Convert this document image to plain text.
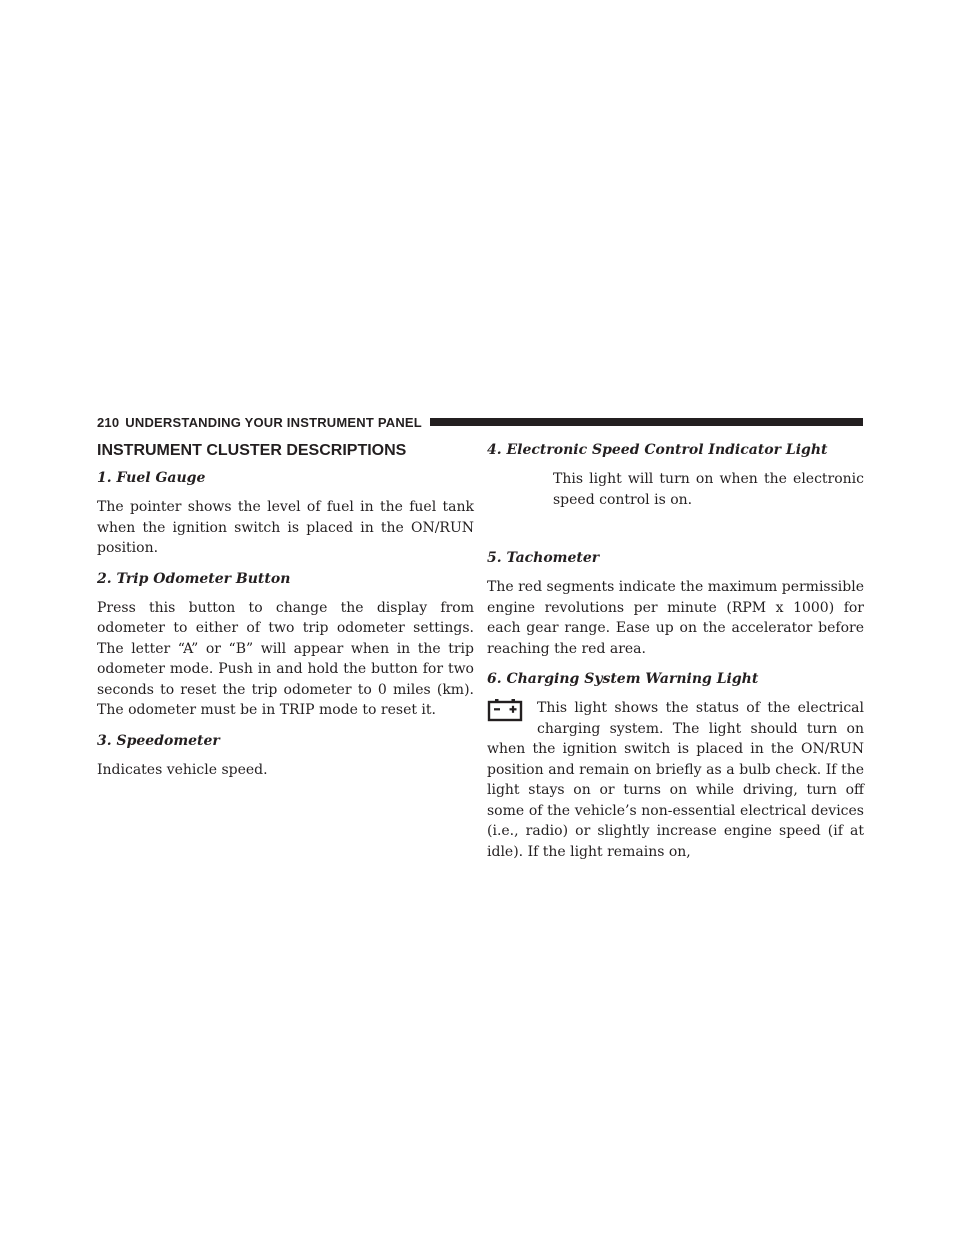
210 UNDERSTANDING YOUR INSTRUMENT PANEL
INSTRUMENT CLUSTER DESCRIPTIONS
1. Fuel Gauge

The pointer shows the level of fuel in the fuel tank when the ignition switch is placed in the ON/RUN position.

2. Trip Odometer Button

Press this button to change the display from odometer to either of two trip odometer settings. The letter “A” or “B” will appear when in the trip odometer mode. Push in and hold the button for two seconds to reset the trip odometer to 0 miles (km). The odometer must be in TRIP mode to reset it.

3. Speedometer

Indicates vehicle speed.

4. Electronic Speed Control Indicator Light

This light will turn on when the electronic speed control is on.

5. Tachometer

The red segments indicate the maximum permissible engine revolutions per minute (RPM x 1000) for each gear range. Ease up on the accelerator before reaching the red area.

6. Charging System Warning Light
This light shows the status of the electrical charging system. The light should turn on when the ignition switch is placed in the ON/RUN position and remain on briefly as a bulb check. If the light stays on or turns on while driving, turn off some of the vehicle’s non-essential electrical devices (i.e., radio) or slightly increase engine speed (if at idle). If the light remains on,
